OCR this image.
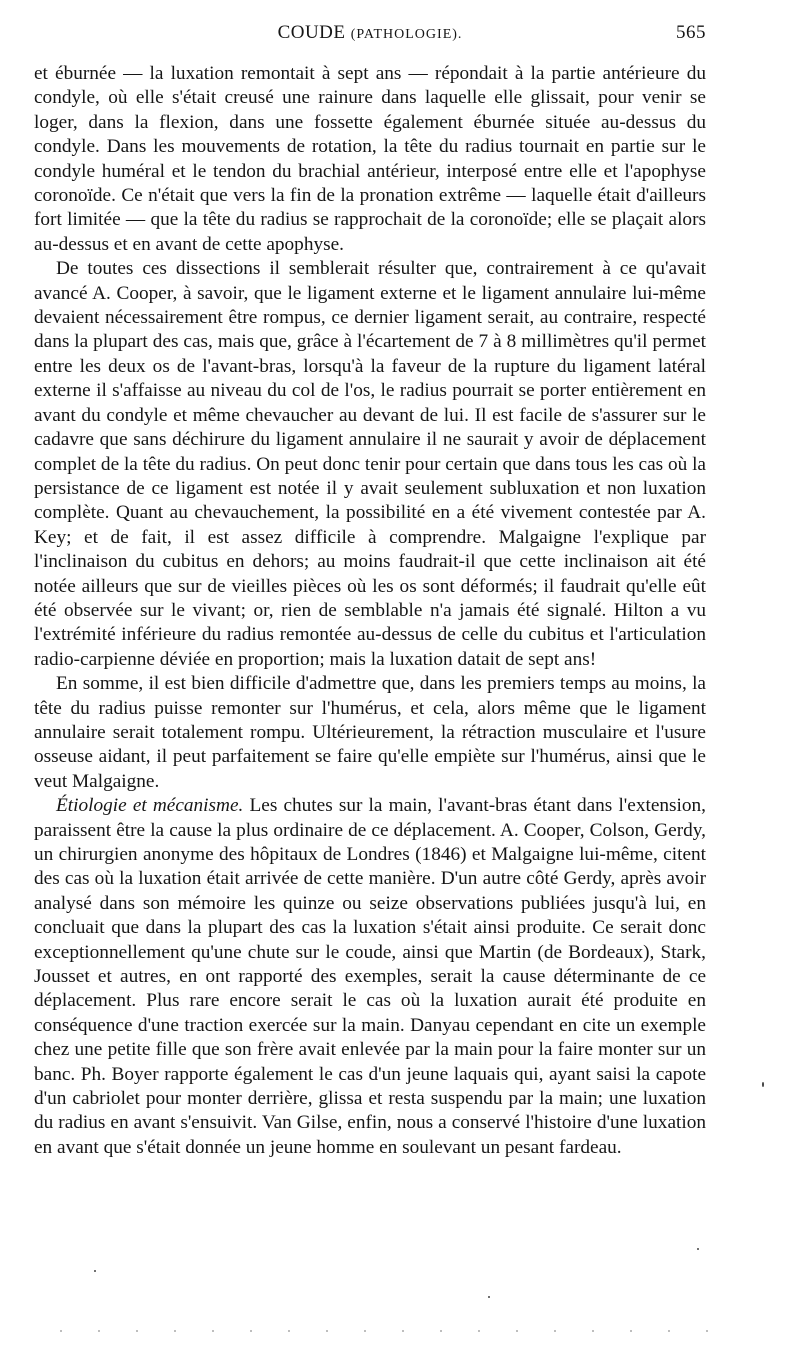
COUDE (PATHOLOGIE).	565

et éburnée — la luxation remontait à sept ans — répondait à la partie antérieure du condyle, où elle s'était creusé une rainure dans laquelle elle glissait, pour venir se loger, dans la flexion, dans une fossette également éburnée située au-dessus du condyle. Dans les mouvements de rotation, la tête du radius tournait en partie sur le condyle huméral et le tendon du brachial antérieur, interposé entre elle et l'apophyse coronoïde. Ce n'était que vers la fin de la pronation extrême — laquelle était d'ailleurs fort limitée — que la tête du radius se rapprochait de la coronoïde; elle se plaçait alors au-dessus et en avant de cette apophyse.

De toutes ces dissections il semblerait résulter que, contrairement à ce qu'avait avancé A. Cooper, à savoir, que le ligament externe et le ligament annulaire lui-même devaient nécessairement être rompus, ce dernier ligament serait, au contraire, respecté dans la plupart des cas, mais que, grâce à l'écartement de 7 à 8 millimètres qu'il permet entre les deux os de l'avant-bras, lorsqu'à la faveur de la rupture du ligament latéral externe il s'affaisse au niveau du col de l'os, le radius pourrait se porter entièrement en avant du condyle et même chevaucher au devant de lui. Il est facile de s'assurer sur le cadavre que sans déchirure du ligament annulaire il ne saurait y avoir de déplacement complet de la tête du radius. On peut donc tenir pour certain que dans tous les cas où la persistance de ce ligament est notée il y avait seulement subluxation et non luxation complète. Quant au chevauchement, la possibilité en a été vivement contestée par A. Key; et de fait, il est assez difficile à comprendre. Malgaigne l'explique par l'inclinaison du cubitus en dehors; au moins faudrait-il que cette inclinaison ait été notée ailleurs que sur de vieilles pièces où les os sont déformés; il faudrait qu'elle eût été observée sur le vivant; or, rien de semblable n'a jamais été signalé. Hilton a vu l'extrémité inférieure du radius remontée au-dessus de celle du cubitus et l'articulation radio-carpienne déviée en proportion; mais la luxation datait de sept ans!

En somme, il est bien difficile d'admettre que, dans les premiers temps au moins, la tête du radius puisse remonter sur l'humérus, et cela, alors même que le ligament annulaire serait totalement rompu. Ultérieurement, la rétraction musculaire et l'usure osseuse aidant, il peut parfaitement se faire qu'elle empiète sur l'humérus, ainsi que le veut Malgaigne.

Étiologie et mécanisme. Les chutes sur la main, l'avant-bras étant dans l'extension, paraissent être la cause la plus ordinaire de ce déplacement. A. Cooper, Colson, Gerdy, un chirurgien anonyme des hôpitaux de Londres (1846) et Malgaigne lui-même, citent des cas où la luxation était arrivée de cette manière. D'un autre côté Gerdy, après avoir analysé dans son mémoire les quinze ou seize observations publiées jusqu'à lui, en concluait que dans la plupart des cas la luxation s'était ainsi produite. Ce serait donc exceptionnellement qu'une chute sur le coude, ainsi que Martin (de Bordeaux), Stark, Jousset et autres, en ont rapporté des exemples, serait la cause déterminante de ce déplacement. Plus rare encore serait le cas où la luxation aurait été produite en conséquence d'une traction exercée sur la main. Danyau cependant en cite un exemple chez une petite fille que son frère avait enlevée par la main pour la faire monter sur un banc. Ph. Boyer rapporte également le cas d'un jeune laquais qui, ayant saisi la capote d'un cabriolet pour monter derrière, glissa et resta suspendu par la main; une luxation du radius en avant s'ensuivit. Van Gilse, enfin, nous a conservé l'histoire d'une luxation en avant que s'était donnée un jeune homme en soulevant un pesant fardeau.
